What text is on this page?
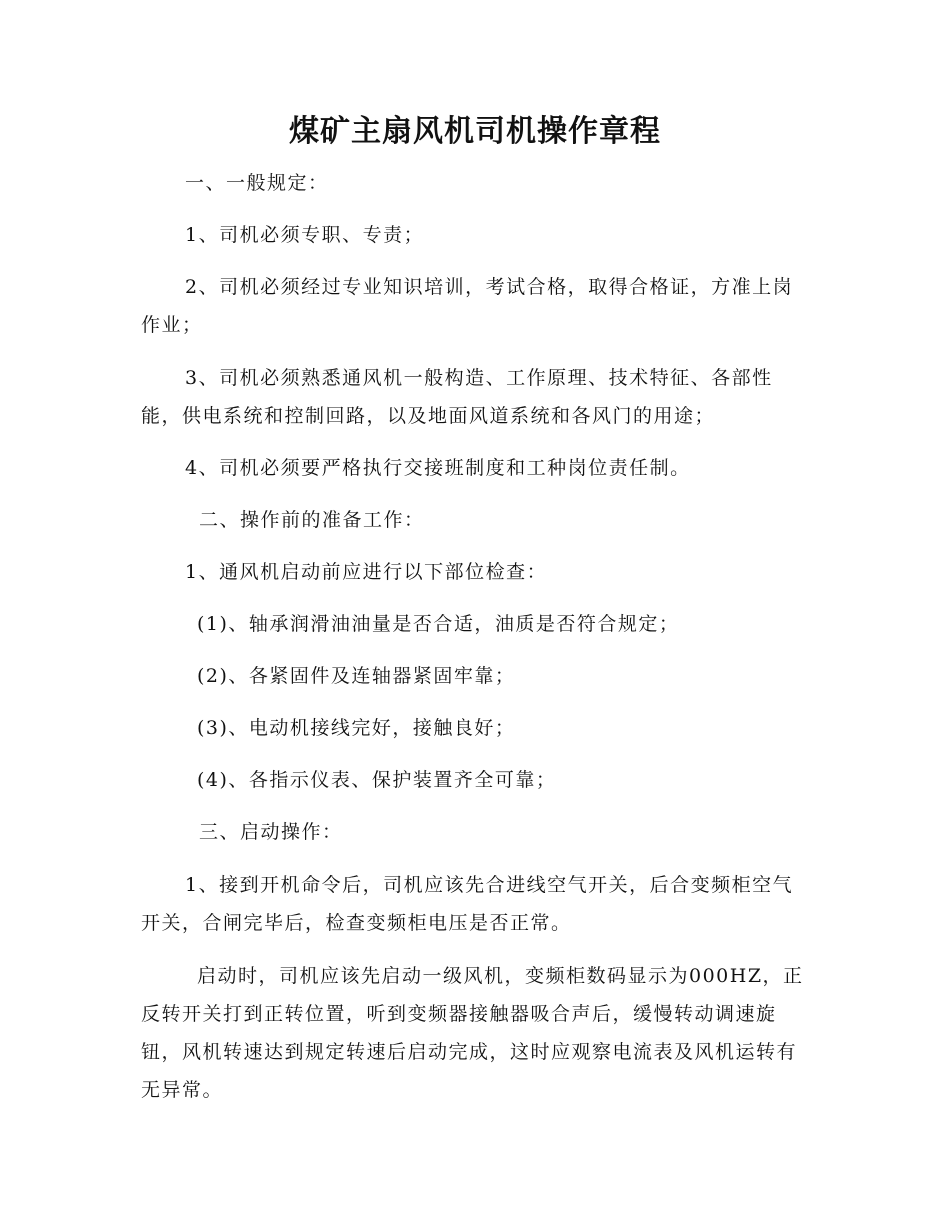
煤矿主扇风机司机操作章程

一、一般规定：

1、司机必须专职、专责；

2、司机必须经过专业知识培训，考试合格，取得合格证，方准上岗作业；

3、司机必须熟悉通风机一般构造、工作原理、技术特征、各部性能，供电系统和控制回路，以及地面风道系统和各风门的用途；

4、司机必须要严格执行交接班制度和工种岗位责任制。

二、操作前的准备工作：

1、通风机启动前应进行以下部位检查：

(1)、轴承润滑油油量是否合适，油质是否符合规定；

(2)、各紧固件及连轴器紧固牢靠；

(3)、电动机接线完好，接触良好；

(4)、各指示仪表、保护装置齐全可靠；

三、启动操作：

1、接到开机命令后，司机应该先合进线空气开关，后合变频柜空气开关，合闸完毕后，检查变频柜电压是否正常。

启动时，司机应该先启动一级风机，变频柜数码显示为000HZ，正反转开关打到正转位置，听到变频器接触器吸合声后，缓慢转动调速旋钮，风机转速达到规定转速后启动完成，这时应观察电流表及风机运转有无异常。
